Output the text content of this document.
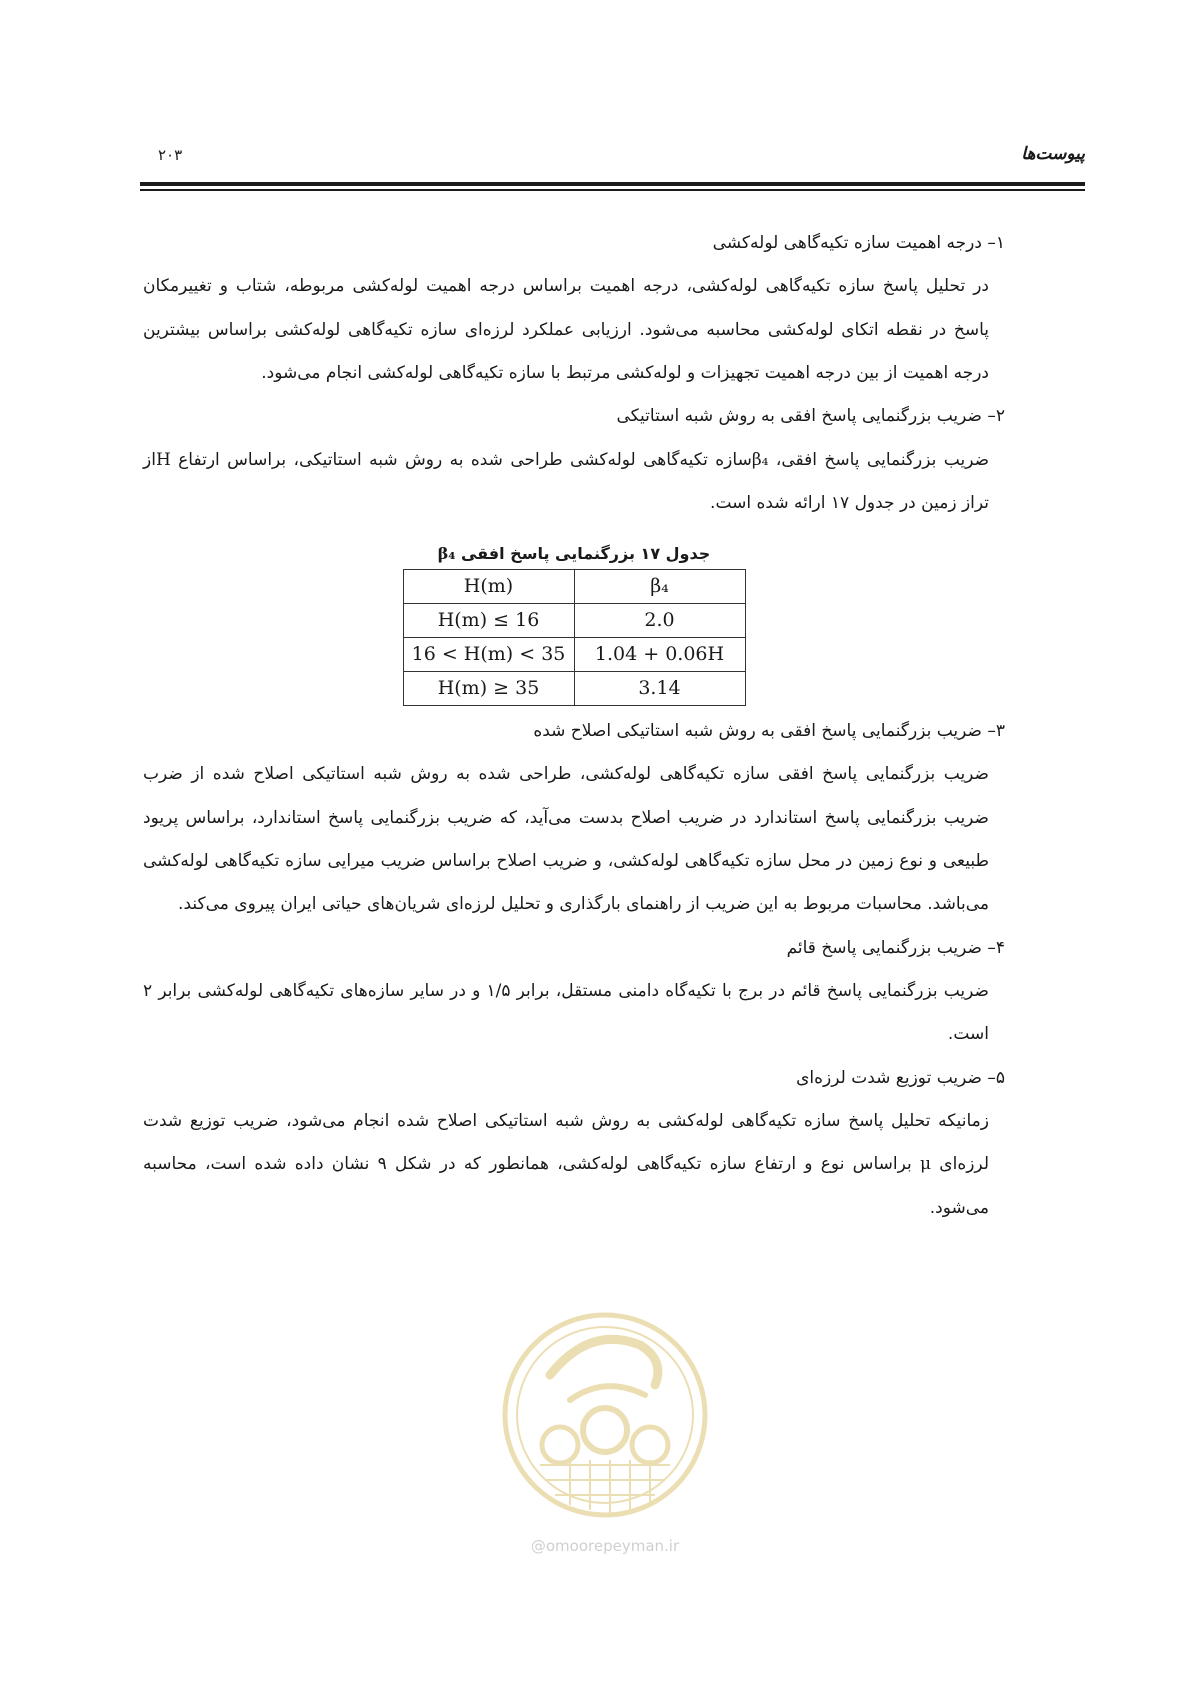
۲۰۳	پیوست‌ها

۱– درجه اهمیت سازه تکیه‌گاهی لوله‌کشی

در تحلیل پاسخ سازه تکیه‌گاهی لوله‌کشی، درجه اهمیت براساس درجه اهمیت لوله‌کشی مربوطه، شتاب و تغییرمکان پاسخ در نقطه اتکای لوله‌کشی محاسبه می‌شود. ارزیابی عملکرد لرزه‌ای سازه تکیه‌گاهی لوله‌کشی براساس بیشترین درجه اهمیت از بین درجه اهمیت تجهیزات و لوله‌کشی مرتبط با سازه تکیه‌گاهی لوله‌کشی انجام می‌شود.

۲– ضریب بزرگنمایی پاسخ افقی به روش شبه استاتیکی

ضریب بزرگنمایی پاسخ افقی، β₄سازه تکیه‌گاهی لوله‌کشی طراحی شده به روش شبه استاتیکی، براساس ارتفاع Hاز تراز زمین در جدول ۱۷ ارائه شده است.

جدول ۱۷ بزرگنمایی پاسخ افقی β₄
H(m)	β₄
H(m) ≤ 16	2.0
16 < H(m) < 35	1.04 + 0.06H
H(m) ≥ 35	3.14

۳– ضریب بزرگنمایی پاسخ افقی به روش شبه استاتیکی اصلاح شده

ضریب بزرگنمایی پاسخ افقی سازه تکیه‌گاهی لوله‌کشی، طراحی شده به روش شبه استاتیکی اصلاح شده از ضرب ضریب بزرگنمایی پاسخ استاندارد در ضریب اصلاح بدست می‌آید، که ضریب بزرگنمایی پاسخ استاندارد، براساس پریود طبیعی و نوع زمین در محل سازه تکیه‌گاهی لوله‌کشی، و ضریب اصلاح براساس ضریب میرایی سازه تکیه‌گاهی لوله‌کشی می‌باشد. محاسبات مربوط به این ضریب از راهنمای بارگذاری و تحلیل لرزه‌ای شریان‌های حیاتی ایران پیروی می‌کند.

۴– ضریب بزرگنمایی پاسخ قائم

ضریب بزرگنمایی پاسخ قائم در برج با تکیه‌گاه دامنی مستقل، برابر ۱/۵ و در سایر سازه‌های تکیه‌گاهی لوله‌کشی برابر ۲ است.

۵– ضریب توزیع شدت لرزه‌ای

زمانیکه تحلیل پاسخ سازه تکیه‌گاهی لوله‌کشی به روش شبه استاتیکی اصلاح شده انجام می‌شود، ضریب توزیع شدت لرزه‌ای μ براساس نوع و ارتفاع سازه تکیه‌گاهی لوله‌کشی، همانطور که در شکل ۹ نشان داده شده است، محاسبه می‌شود.

@omoorepeyman.ir
